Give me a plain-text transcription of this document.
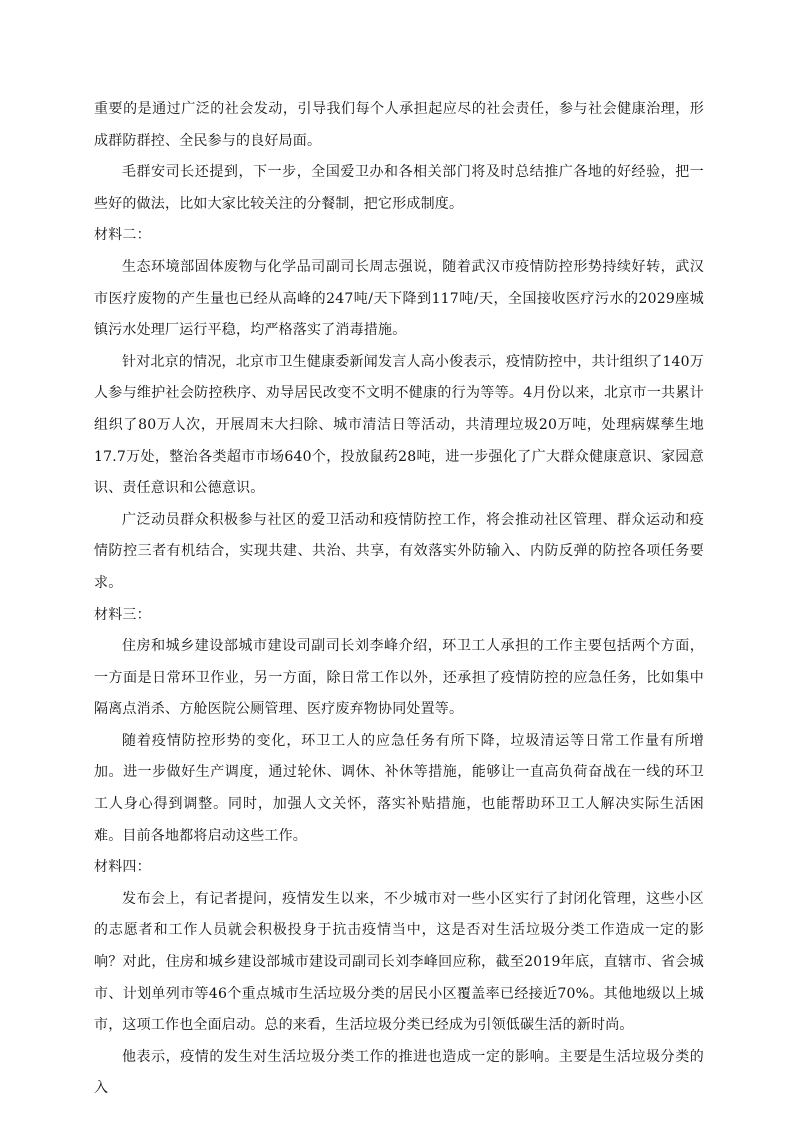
重要的是通过广泛的社会发动，引导我们每个人承担起应尽的社会责任，参与社会健康治理，形成群防群控、全民参与的良好局面。

毛群安司长还提到，下一步，全国爱卫办和各相关部门将及时总结推广各地的好经验，把一些好的做法，比如大家比较关注的分餐制，把它形成制度。

材料二：

生态环境部固体废物与化学品司副司长周志强说，随着武汉市疫情防控形势持续好转，武汉市医疗废物的产生量也已经从高峰的247吨/天下降到117吨/天，全国接收医疗污水的2029座城镇污水处理厂运行平稳，均严格落实了消毒措施。

针对北京的情况，北京市卫生健康委新闻发言人高小俊表示，疫情防控中，共计组织了140万人参与维护社会防控秩序、劝导居民改变不文明不健康的行为等等。4月份以来，北京市一共累计组织了80万人次，开展周末大扫除、城市清洁日等活动，共清理垃圾20万吨，处理病媒孳生地17.7万处，整治各类超市市场640个，投放鼠药28吨，进一步强化了广大群众健康意识、家园意识、责任意识和公德意识。

广泛动员群众积极参与社区的爱卫活动和疫情防控工作，将会推动社区管理、群众运动和疫情防控三者有机结合，实现共建、共治、共享，有效落实外防输入、内防反弹的防控各项任务要求。

材料三：

住房和城乡建设部城市建设司副司长刘李峰介绍，环卫工人承担的工作主要包括两个方面，一方面是日常环卫作业，另一方面，除日常工作以外，还承担了疫情防控的应急任务，比如集中隔离点消杀、方舱医院公厕管理、医疗废弃物协同处置等。

随着疫情防控形势的变化，环卫工人的应急任务有所下降，垃圾清运等日常工作量有所增加。进一步做好生产调度，通过轮休、调休、补休等措施，能够让一直高负荷奋战在一线的环卫工人身心得到调整。同时，加强人文关怀，落实补贴措施，也能帮助环卫工人解决实际生活困难。目前各地都将启动这些工作。

材料四：

发布会上，有记者提问，疫情发生以来，不少城市对一些小区实行了封闭化管理，这些小区的志愿者和工作人员就会积极投身于抗击疫情当中，这是否对生活垃圾分类工作造成一定的影响？对此，住房和城乡建设部城市建设司副司长刘李峰回应称，截至2019年底，直辖市、省会城市、计划单列市等46个重点城市生活垃圾分类的居民小区覆盖率已经接近70%。其他地级以上城市，这项工作也全面启动。总的来看，生活垃圾分类已经成为引领低碳生活的新时尚。

他表示，疫情的发生对生活垃圾分类工作的推进也造成一定的影响。主要是生活垃圾分类的入
